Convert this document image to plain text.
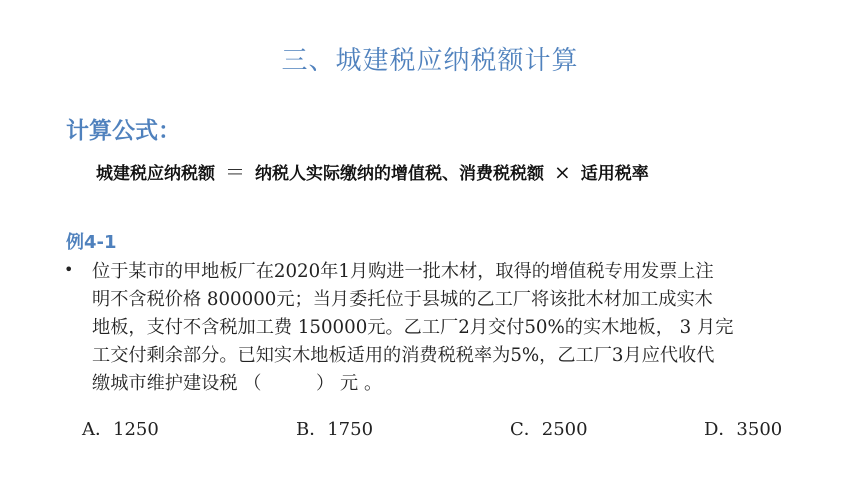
三、城建税应纳税额计算
计算公式：
城建税应纳税额 ＝ 纳税人实际缴纳的增值税、消费税税额 × 适用税率
例4-1
• 位于某市的甲地板厂在2020年1月购进一批木材，取得的增值税专用发票上注
明不含税价格 800000元；当月委托位于县城的乙工厂将该批木材加工成实木
地板，支付不含税加工费 150000元。乙工厂2月交付50%的实木地板， 3 月完
工交付剩余部分。已知实木地板适用的消费税税率为5%，乙工厂3月应代收代
缴城市维护建设税 （　　　） 元 。
A．1250	B．1750	C．2500	D．3500
